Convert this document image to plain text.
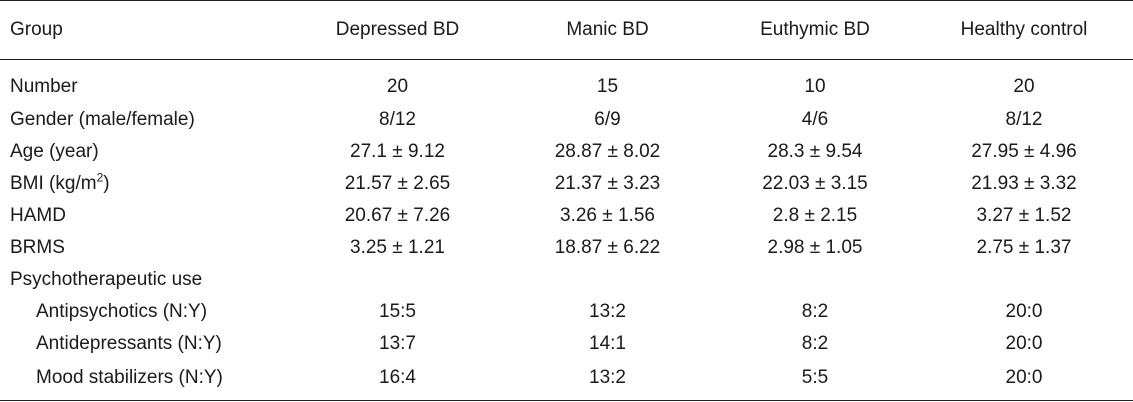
Group	Depressed BD	Manic BD	Euthymic BD	Healthy control
Number	20	15	10	20
Gender (male/female)	8/12	6/9	4/6	8/12
Age (year)	27.1 ± 9.12	28.87 ± 8.02	28.3 ± 9.54	27.95 ± 4.96
BMI $(kg/m^2)$	21.57 ± 2.65	21.37 ± 3.23	22.03 ± 3.15	21.93 ± 3.32
HAMD	20.67 ± 7.26	3.26 ± 1.56	2.8 ± 2.15	3.27 ± 1.52
BRMS	3.25 ± 1.21	18.87 ± 6.22	2.98 ± 1.05	2.75 ± 1.37
Psychotherapeutic use				
Antipsychotics (N:Y)	15:5	13:2	8:2	20:0
Antidepressants (N:Y)	13:7	14:1	8:2	20:0
Mood stabilizers (N:Y)	16:4	13:2	5:5	20:0
